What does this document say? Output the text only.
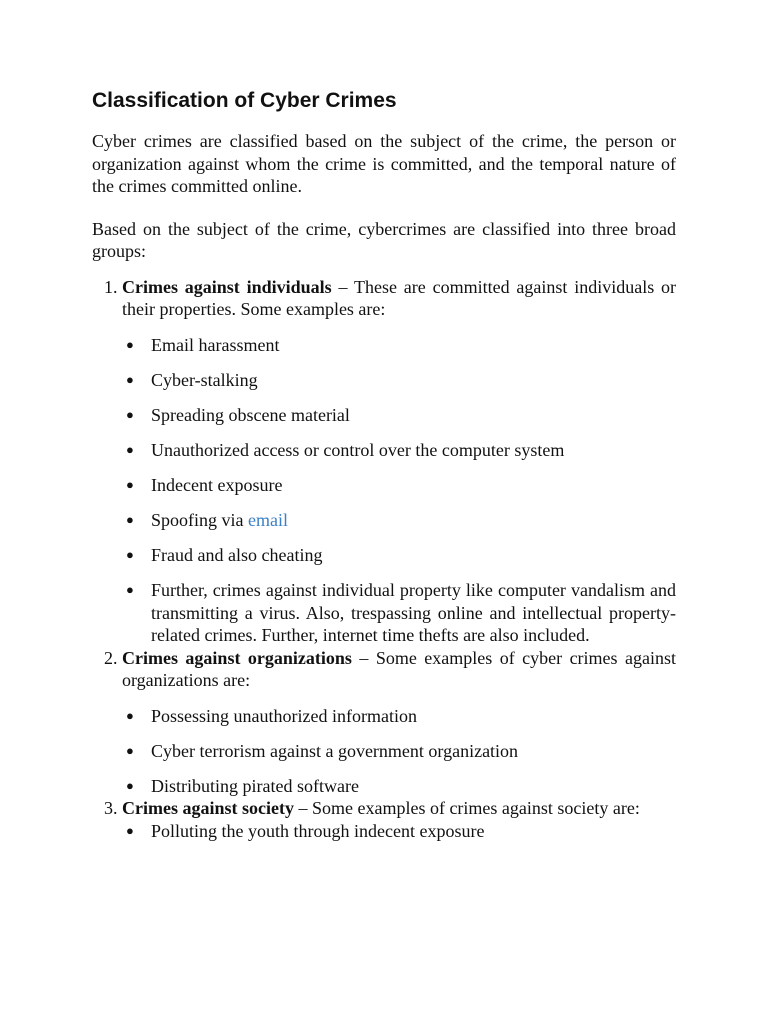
Classification of Cyber Crimes

Cyber crimes are classified based on the subject of the crime, the person or organization against whom the crime is committed, and the temporal nature of the crimes committed online.

Based on the subject of the crime, cybercrimes are classified into three broad groups:

1. Crimes against individuals – These are committed against individuals or their properties. Some examples are:
● Email harassment
● Cyber-stalking
● Spreading obscene material
● Unauthorized access or control over the computer system
● Indecent exposure
● Spoofing via email
● Fraud and also cheating
● Further, crimes against individual property like computer vandalism and transmitting a virus. Also, trespassing online and intellectual property-related crimes. Further, internet time thefts are also included.
2. Crimes against organizations – Some examples of cyber crimes against organizations are:
● Possessing unauthorized information
● Cyber terrorism against a government organization
● Distributing pirated software
3. Crimes against society – Some examples of crimes against society are:
● Polluting the youth through indecent exposure
